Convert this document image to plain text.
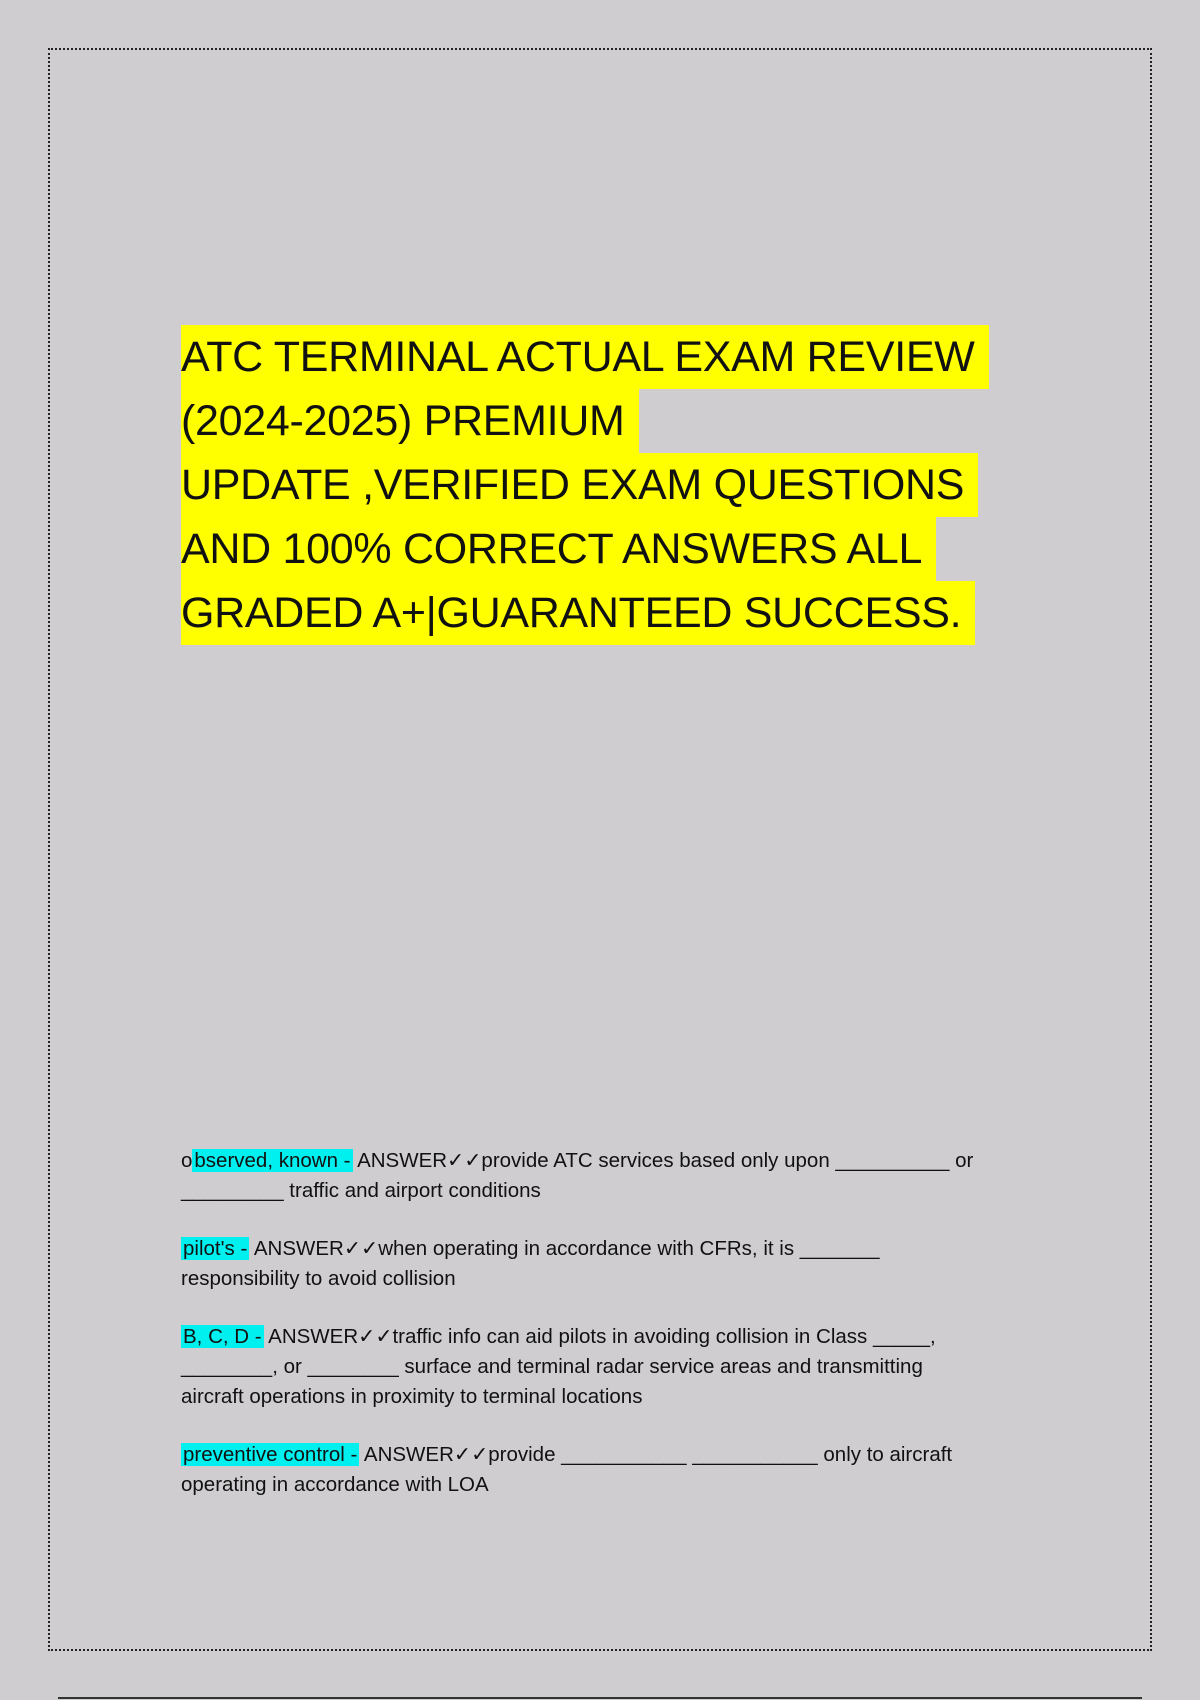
ATC TERMINAL ACTUAL EXAM REVIEW
(2024-2025) PREMIUM
UPDATE ,VERIFIED EXAM QUESTIONS
AND 100% CORRECT ANSWERS ALL
GRADED A+|GUARANTEED SUCCESS.
observed, known - ANSWER✓✓provide ATC services based only upon __________ or
_________ traffic and airport conditions
pilot's - ANSWER✓✓when operating in accordance with CFRs, it is _______
responsibility to avoid collision
B, C, D - ANSWER✓✓traffic info can aid pilots in avoiding collision in Class _____,
________, or ________ surface and terminal radar service areas and transmitting
aircraft operations in proximity to terminal locations
preventive control - ANSWER✓✓provide ___________ ___________ only to aircraft
operating in accordance with LOA
